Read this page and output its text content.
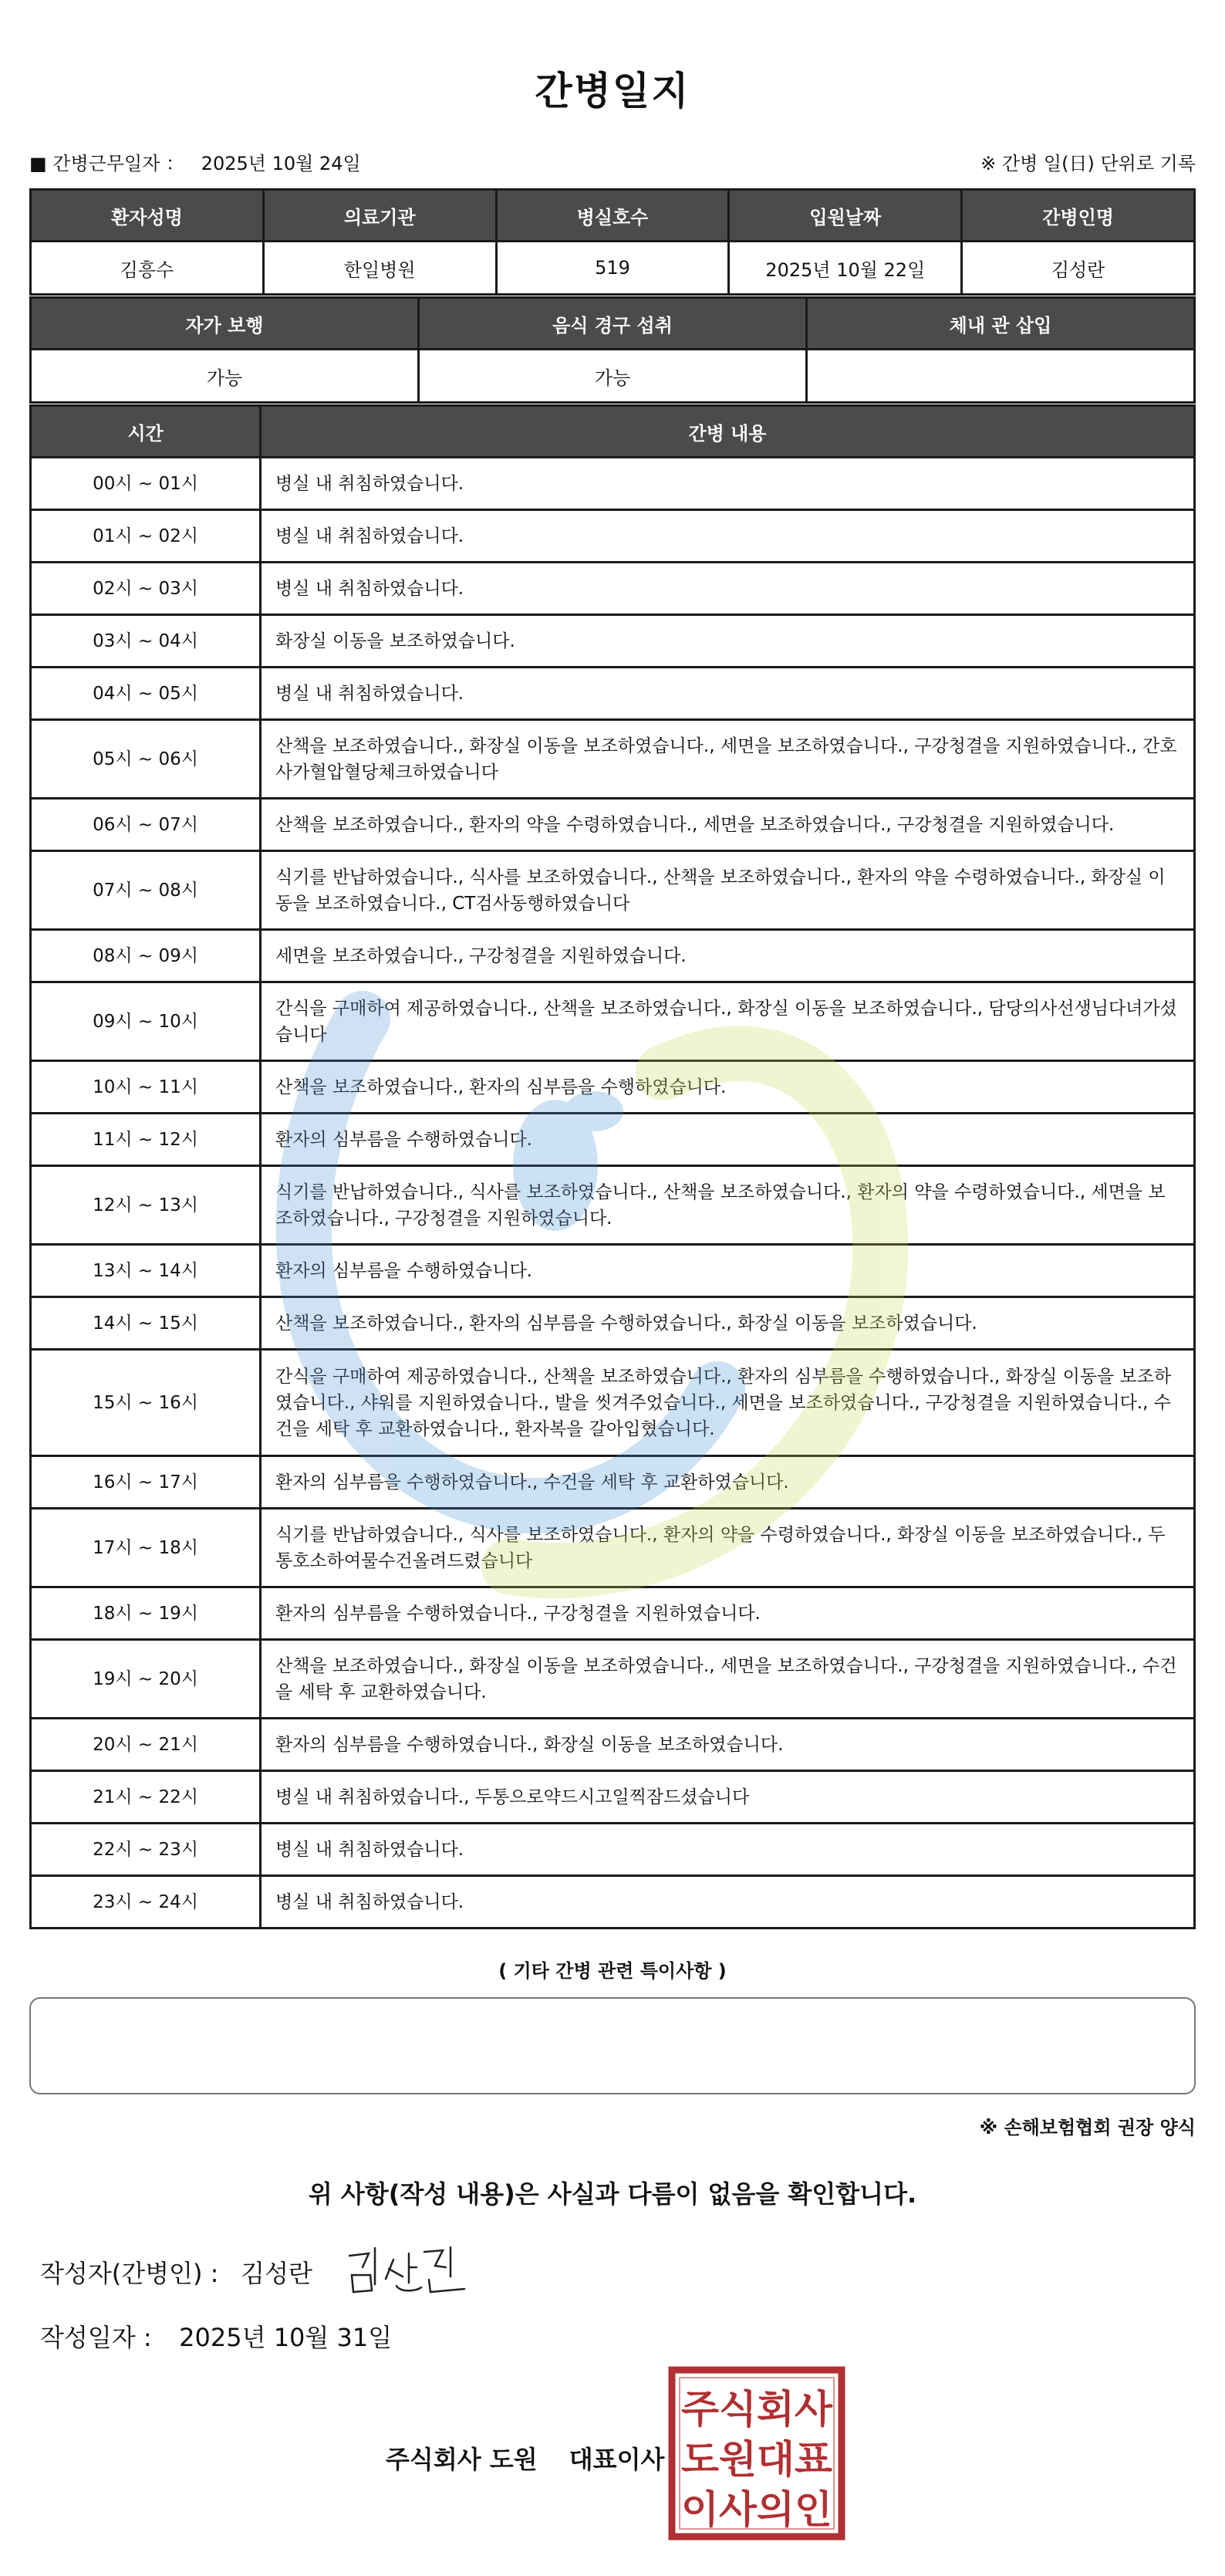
간병일지
■ 간병근무일자 ： 2025년 10월 24일	※ 간병 일(日) 단위로 기록
환자성명	의료기관	병실호수	입원날짜	간병인명
김흥수	한일병원	519	2025년 10월 22일	김성란
자가 보행	음식 경구 섭취	체내 관 삽입
가능	가능	
시간	간병 내용
00시 ~ 01시	병실 내 취침하였습니다.
01시 ~ 02시	병실 내 취침하였습니다.
02시 ~ 03시	병실 내 취침하였습니다.
03시 ~ 04시	화장실 이동을 보조하였습니다.
04시 ~ 05시	병실 내 취침하였습니다.
05시 ~ 06시	산책을 보조하였습니다., 화장실 이동을 보조하였습니다., 세면을 보조하였습니다., 구강청결을 지원하였습니다., 간호사가혈압혈당체크하였습니다
06시 ~ 07시	산책을 보조하였습니다., 환자의 약을 수령하였습니다., 세면을 보조하였습니다., 구강청결을 지원하였습니다.
07시 ~ 08시	식기를 반납하였습니다., 식사를 보조하였습니다., 산책을 보조하였습니다., 환자의 약을 수령하였습니다., 화장실 이동을 보조하였습니다., CT검사동행하였습니다
08시 ~ 09시	세면을 보조하였습니다., 구강청결을 지원하였습니다.
09시 ~ 10시	간식을 구매하여 제공하였습니다., 산책을 보조하였습니다., 화장실 이동을 보조하였습니다., 담당의사선생님다녀가셨습니다
10시 ~ 11시	산책을 보조하였습니다., 환자의 심부름을 수행하였습니다.
11시 ~ 12시	환자의 심부름을 수행하였습니다.
12시 ~ 13시	식기를 반납하였습니다., 식사를 보조하였습니다., 산책을 보조하였습니다., 환자의 약을 수령하였습니다., 세면을 보조하였습니다., 구강청결을 지원하였습니다.
13시 ~ 14시	환자의 심부름을 수행하였습니다.
14시 ~ 15시	산책을 보조하였습니다., 환자의 심부름을 수행하였습니다., 화장실 이동을 보조하였습니다.
15시 ~ 16시	간식을 구매하여 제공하였습니다., 산책을 보조하였습니다., 환자의 심부름을 수행하였습니다., 화장실 이동을 보조하였습니다., 샤워를 지원하였습니다., 발을 씻겨주었습니다., 세면을 보조하였습니다., 구강청결을 지원하였습니다., 수건을 세탁 후 교환하였습니다., 환자복을 갈아입혔습니다.
16시 ~ 17시	환자의 심부름을 수행하였습니다., 수건을 세탁 후 교환하였습니다.
17시 ~ 18시	식기를 반납하였습니다., 식사를 보조하였습니다., 환자의 약을 수령하였습니다., 화장실 이동을 보조하였습니다., 두통호소하여물수건올려드렸습니다
18시 ~ 19시	환자의 심부름을 수행하였습니다., 구강청결을 지원하였습니다.
19시 ~ 20시	산책을 보조하였습니다., 화장실 이동을 보조하였습니다., 세면을 보조하였습니다., 구강청결을 지원하였습니다., 수건을 세탁 후 교환하였습니다.
20시 ~ 21시	환자의 심부름을 수행하였습니다., 화장실 이동을 보조하였습니다.
21시 ~ 22시	병실 내 취침하였습니다., 두통으로약드시고일찍잠드셨습니다
22시 ~ 23시	병실 내 취침하였습니다.
23시 ~ 24시	병실 내 취침하였습니다.
( 기타 간병 관련 특이사항 )
※ 손해보험협회 권장 양식
위 사항(작성 내용)은 사실과 다름이 없음을 확인합니다.
작성자(간병인) : 김성란
작성일자 : 2025년 10월 31일
주식회사 도원 대표이사
주식회사
도원대표
이사의인
